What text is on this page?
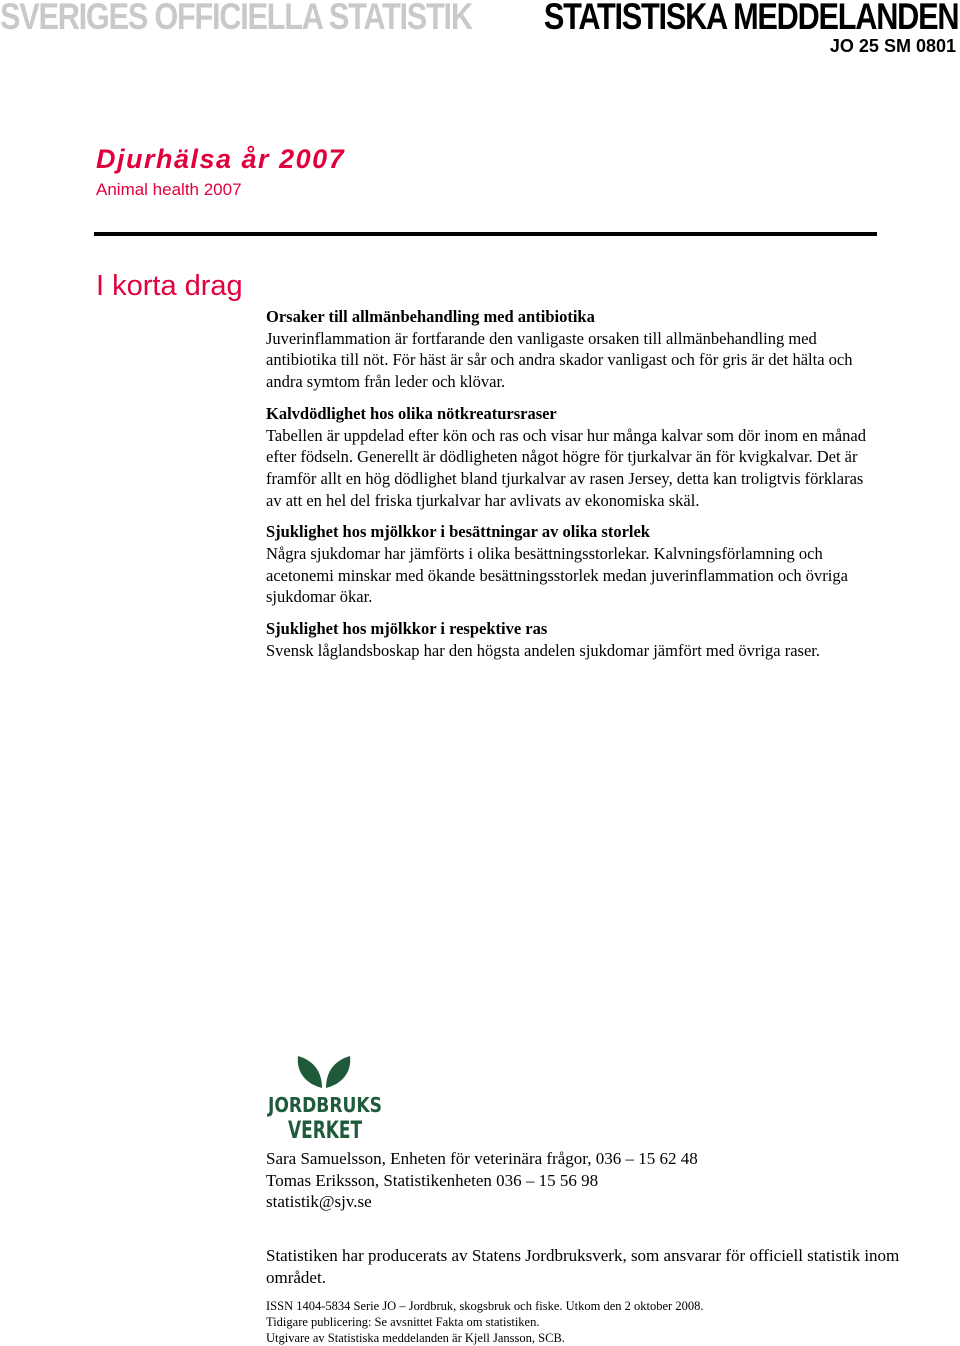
SVERIGES OFFICIELLA STATISTIK STATISTISKA MEDDELANDEN
JO 25 SM 0801
Djurhälsa år 2007
Animal health 2007
I korta drag
Orsaker till allmänbehandling med antibiotika
Juverinflammation är fortfarande den vanligaste orsaken till allmänbehandling med antibiotika till nöt. För häst är sår och andra skador vanligast och för gris är det hälta och andra symtom från leder och klövar.
Kalvdödlighet hos olika nötkreatursraser
Tabellen är uppdelad efter kön och ras och visar hur många kalvar som dör inom en månad efter födseln. Generellt är dödligheten något högre för tjurkalvar än för kvigkalvar. Det är framför allt en hög dödlighet bland tjurkalvar av rasen Jersey, detta kan troligtvis förklaras av att en hel del friska tjurkalvar har avlivats av ekonomiska skäl.
Sjuklighet hos mjölkkor i besättningar av olika storlek
Några sjukdomar har jämförts i olika besättningsstorlekar. Kalvningsförlamning och acetonemi minskar med ökande besättningsstorlek medan juverinflammation och övriga sjukdomar ökar.
Sjuklighet hos mjölkkor i respektive ras
Svensk låglandsboskap har den högsta andelen sjukdomar jämfört med övriga raser.
JORDBRUKS
VERKET
Sara Samuelsson, Enheten för veterinära frågor, 036 – 15 62 48
Tomas Eriksson, Statistikenheten 036 – 15 56 98
statistik@sjv.se
Statistiken har producerats av Statens Jordbruksverk, som ansvarar för officiell statistik inom området.
ISSN 1404-5834 Serie JO – Jordbruk, skogsbruk och fiske. Utkom den 2 oktober 2008.
Tidigare publicering: Se avsnittet Fakta om statistiken.
Utgivare av Statistiska meddelanden är Kjell Jansson, SCB.
